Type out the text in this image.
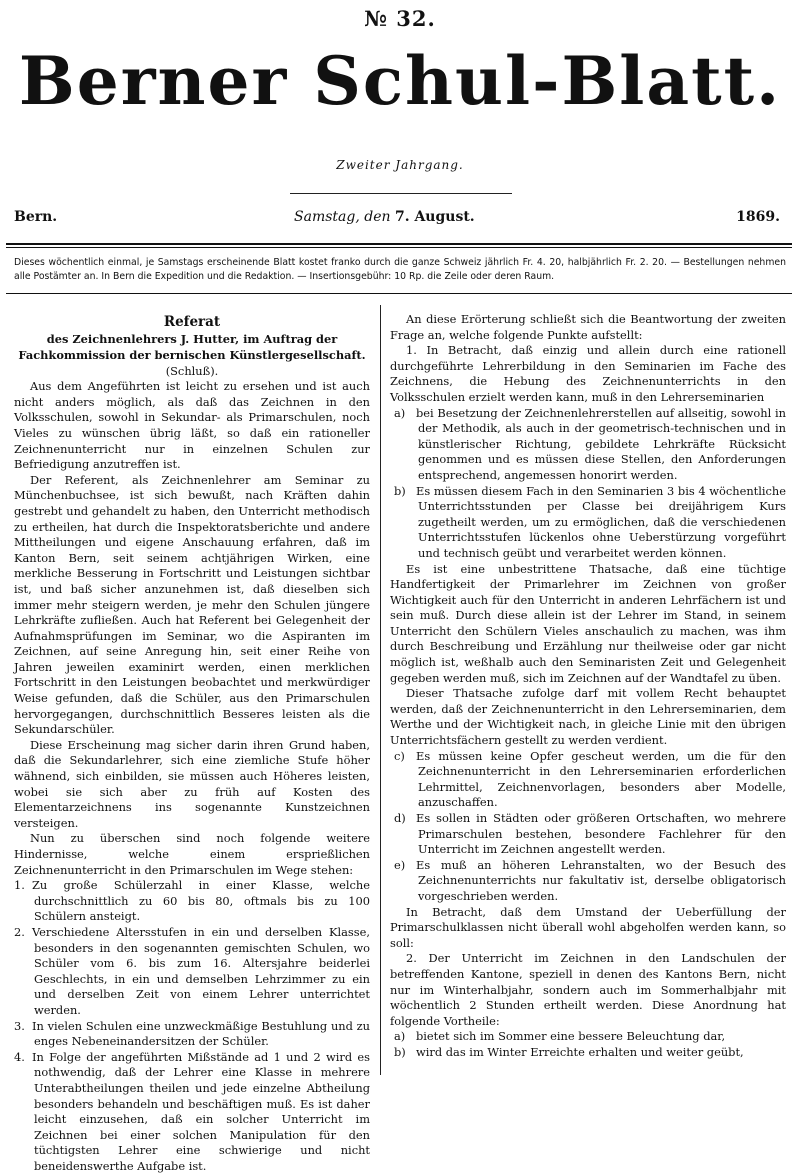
№ 32.
Berner Schul-Blatt.
Zweiter Jahrgang.
Bern.	Samstag, den 7. August.	1869.
Dieses wöchentlich einmal, je Samstags erscheinende Blatt kostet franko durch die ganze Schweiz jährlich Fr. 4. 20, halbjährlich Fr. 2. 20. — Bestellungen nehmen alle Postämter an. In Bern die Expedition und die Redaktion. — Insertionsgebühr: 10 Rp. die Zeile oder deren Raum.
Referat
des Zeichnenlehrers J. Hutter, im Auftrag der Fachkommission der bernischen Künstlergesellschaft.
(Schluß).

Aus dem Angeführten ist leicht zu ersehen und ist auch nicht anders möglich, als daß das Zeichnen in den Volksschulen, sowohl in Sekundar- als Primarschulen, noch Vieles zu wünschen übrig läßt, so daß ein rationeller Zeichnenunterricht nur in einzelnen Schulen zur Befriedigung anzutreffen ist.

Der Referent, als Zeichnenlehrer am Seminar zu Münchenbuchsee, ist sich bewußt, nach Kräften dahin gestrebt und gehandelt zu haben, den Unterricht methodisch zu ertheilen, hat durch die Inspektoratsberichte und andere Mittheilungen und eigene Anschauung erfahren, daß im Kanton Bern, seit seinem achtjährigen Wirken, eine merkliche Besserung in Fortschritt und Leistungen sichtbar ist, und baß sicher anzunehmen ist, daß dieselben sich immer mehr steigern werden, je mehr den Schulen jüngere Lehrkräfte zufließen. Auch hat Referent bei Gelegenheit der Aufnahmsprüfungen im Seminar, wo die Aspiranten im Zeichnen, auf seine Anregung hin, seit einer Reihe von Jahren jeweilen examinirt werden, einen merklichen Fortschritt in den Leistungen beobachtet und merkwürdiger Weise gefunden, daß die Schüler, aus den Primarschulen hervorgegangen, durchschnittlich Besseres leisten als die Sekundarschüler.

Diese Erscheinung mag sicher darin ihren Grund haben, daß die Sekundarlehrer, sich eine ziemliche Stufe höher wähnend, sich einbilden, sie müssen auch Höheres leisten, wobei sie sich aber zu früh auf Kosten des Elementarzeichnens ins sogenannte Kunstzeichnen versteigen.

Nun zu überschen sind noch folgende weitere Hindernisse, welche einem ersprießlichen Zeichnenunterricht in den Primarschulen im Wege stehen:

1. Zu große Schülerzahl in einer Klasse, welche durchschnittlich zu 60 bis 80, oftmals bis zu 100 Schülern ansteigt.

2. Verschiedene Altersstufen in ein und derselben Klasse, besonders in den sogenannten gemischten Schulen, wo Schüler vom 6. bis zum 16. Altersjahre beiderlei Geschlechts, in ein und demselben Lehrzimmer zu ein und derselben Zeit von einem Lehrer unterrichtet werden.

3. In vielen Schulen eine unzweckmäßige Bestuhlung und zu enges Nebeneinandersitzen der Schüler.

4. In Folge der angeführten Mißstände ad 1 und 2 wird es nothwendig, daß der Lehrer eine Klasse in mehrere Unterabtheilungen theilen und jede einzelne Abtheilung besonders behandeln und beschäftigen muß. Es ist daher leicht einzusehen, daß ein solcher Unterricht im Zeichnen bei einer solchen Manipulation für den tüchtigsten Lehrer eine schwierige und nicht beneidenswerthe Aufgabe ist.

An diese Erörterung schließt sich die Beantwortung der zweiten Frage an, welche folgende Punkte aufstellt:

1. In Betracht, daß einzig und allein durch eine rationell durchgeführte Lehrerbildung in den Seminarien im Fache des Zeichnens, die Hebung des Zeichnenunterrichts in den Volksschulen erzielt werden kann, muß in den Lehrerseminarien

a) bei Besetzung der Zeichnenlehrerstellen auf allseitig, sowohl in der Methodik, als auch in der geometrisch-technischen und in künstlerischer Richtung, gebildete Lehrkräfte Rücksicht genommen und es müssen diese Stellen, den Anforderungen entsprechend, angemessen honorirt werden.

b) Es müssen diesem Fach in den Seminarien 3 bis 4 wöchentliche Unterrichtsstunden per Classe bei dreijährigem Kurs zugetheilt werden, um zu ermöglichen, daß die verschiedenen Unterrichtsstufen lückenlos ohne Ueberstürzung vorgeführt und technisch geübt und verarbeitet werden können.

Es ist eine unbestrittene Thatsache, daß eine tüchtige Handfertigkeit der Primarlehrer im Zeichnen von großer Wichtigkeit auch für den Unterricht in anderen Lehrfächern ist und sein muß. Durch diese allein ist der Lehrer im Stand, in seinem Unterricht den Schülern Vieles anschaulich zu machen, was ihm durch Beschreibung und Erzählung nur theilweise oder gar nicht möglich ist, weßhalb auch den Seminaristen Zeit und Gelegenheit gegeben werden muß, sich im Zeichnen auf der Wandtafel zu üben.

Dieser Thatsache zufolge darf mit vollem Recht behauptet werden, daß der Zeichnenunterricht in den Lehrerseminarien, dem Werthe und der Wichtigkeit nach, in gleiche Linie mit den übrigen Unterrichtsfächern gestellt zu werden verdient.

c) Es müssen keine Opfer gescheut werden, um die für den Zeichnenunterricht in den Lehrerseminarien erforderlichen Lehrmittel, Zeichnenvorlagen, besonders aber Modelle, anzuschaffen.

d) Es sollen in Städten oder größeren Ortschaften, wo mehrere Primarschulen bestehen, besondere Fachlehrer für den Unterricht im Zeichnen angestellt werden.

e) Es muß an höheren Lehranstalten, wo der Besuch des Zeichnenunterrichts nur fakultativ ist, derselbe obligatorisch vorgeschrieben werden.

In Betracht, daß dem Umstand der Ueberfüllung der Primarschulklassen nicht überall wohl abgeholfen werden kann, so soll:

2. Der Unterricht im Zeichnen in den Landschulen der betreffenden Kantone, speziell in denen des Kantons Bern, nicht nur im Winterhalbjahr, sondern auch im Sommerhalbjahr mit wöchentlich 2 Stunden ertheilt werden. Diese Anordnung hat folgende Vortheile:

a) bietet sich im Sommer eine bessere Beleuchtung dar,

b) wird das im Winter Erreichte erhalten und weiter geübt,
